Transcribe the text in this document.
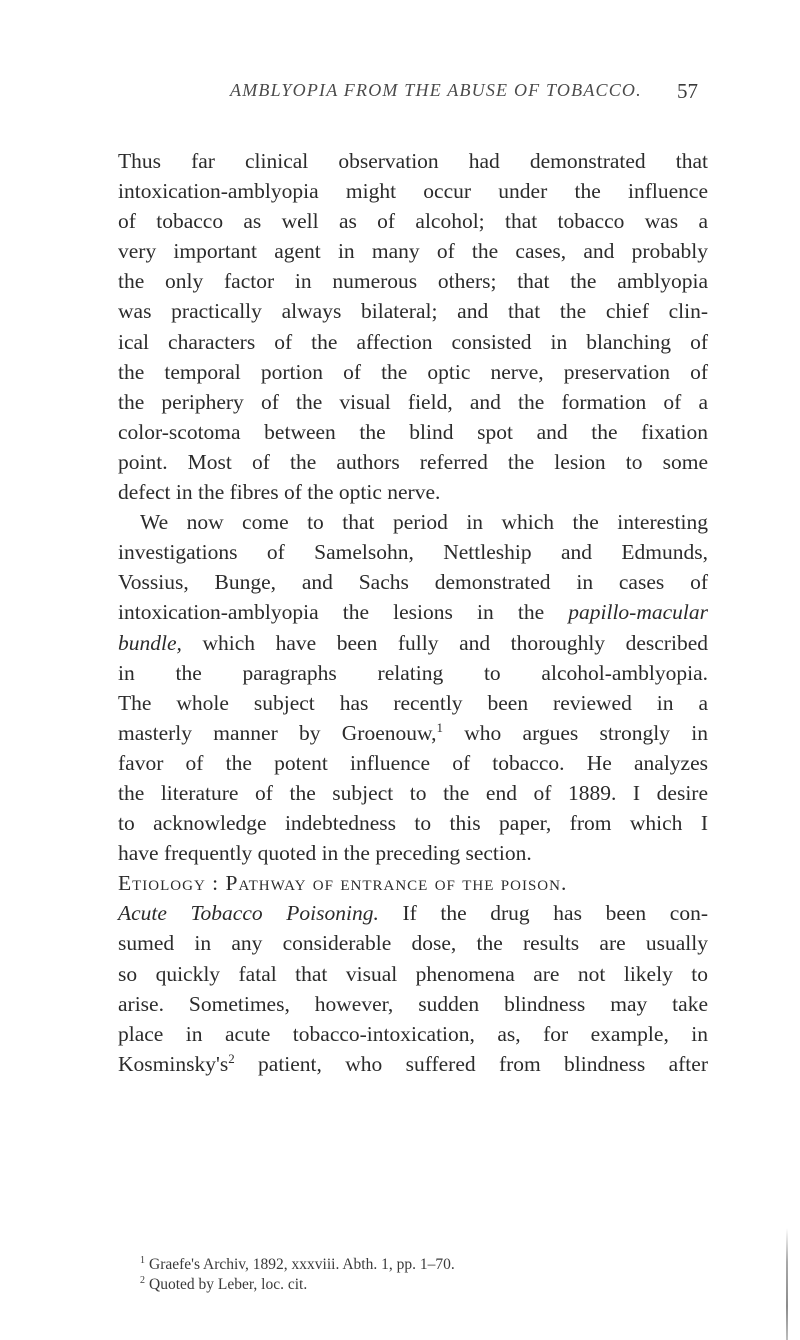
AMBLYOPIA FROM THE ABUSE OF TOBACCO. 57
Thus far clinical observation had demonstrated that
intoxication-amblyopia might occur under the influence
of tobacco as well as of alcohol; that tobacco was a
very important agent in many of the cases, and probably
the only factor in numerous others; that the amblyopia
was practically always bilateral; and that the chief clin-
ical characters of the affection consisted in blanching of
the temporal portion of the optic nerve, preservation of
the periphery of the visual field, and the formation of a
color-scotoma between the blind spot and the fixation
point. Most of the authors referred the lesion to some
defect in the fibres of the optic nerve.
We now come to that period in which the interesting
investigations of Samelsohn, Nettleship and Edmunds,
Vossius, Bunge, and Sachs demonstrated in cases of
intoxication-amblyopia the lesions in the papillo-macular
bundle, which have been fully and thoroughly described
in the paragraphs relating to alcohol-amblyopia.
The whole subject has recently been reviewed in a
masterly manner by Groenouw,$^1$ who argues strongly in
favor of the potent influence of tobacco. He analyzes
the literature of the subject to the end of 1889. I desire
to acknowledge indebtedness to this paper, from which I
have frequently quoted in the preceding section.
Etiology : Pathway of entrance of the poison.
Acute Tobacco Poisoning. If the drug has been con-
sumed in any considerable dose, the results are usually
so quickly fatal that visual phenomena are not likely to
arise. Sometimes, however, sudden blindness may take
place in acute tobacco-intoxication, as, for example, in
Kosminsky's$^2$ patient, who suffered from blindness after
$^1$ Graefe's Archiv, 1892, xxxviii. Abth. 1, pp. 1–70.
$^2$ Quoted by Leber, loc. cit.
